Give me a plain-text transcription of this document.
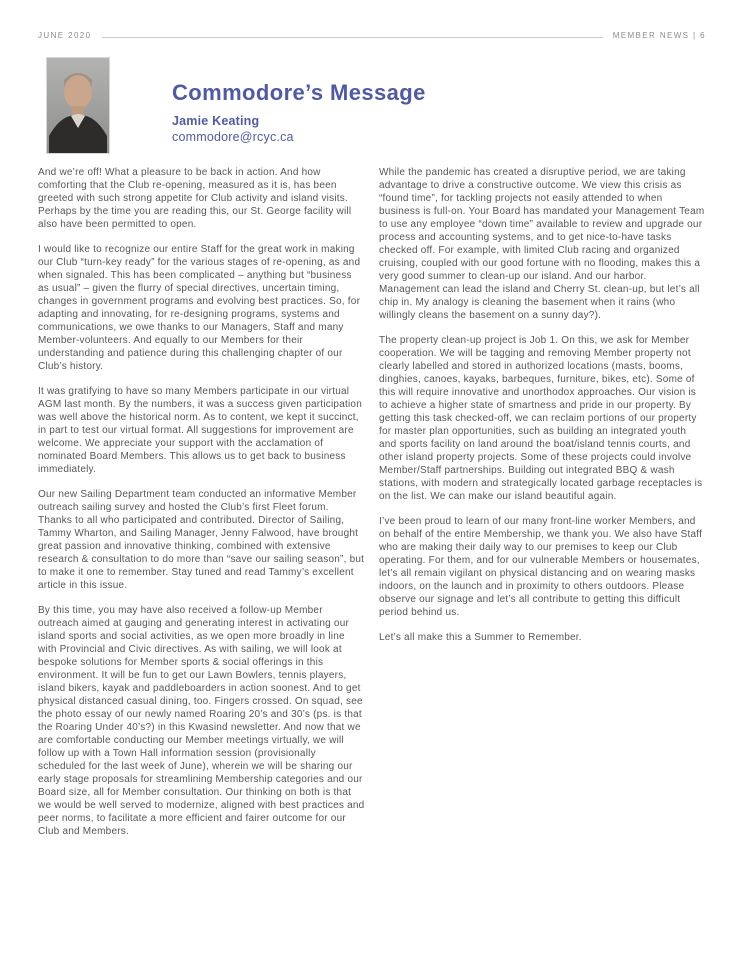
JUNE 2020	MEMBER NEWS | 6
Commodore’s Message
Jamie Keating
commodore@rcyc.ca

And we’re off! What a pleasure to be back in action. And how comforting that the Club re-opening, measured as it is, has been greeted with such strong appetite for Club activity and island visits. Perhaps by the time you are reading this, our St. George facility will also have been permitted to open.

I would like to recognize our entire Staff for the great work in making our Club “turn-key ready” for the various stages of re-opening, as and when signaled. This has been complicated – anything but “business as usual” – given the flurry of special directives, uncertain timing, changes in government programs and evolving best practices. So, for adapting and innovating, for re-designing programs, systems and communications, we owe thanks to our Managers, Staff and many Member-volunteers. And equally to our Members for their understanding and patience during this challenging chapter of our Club’s history.

It was gratifying to have so many Members participate in our virtual AGM last month. By the numbers, it was a success given participation was well above the historical norm. As to content, we kept it succinct, in part to test our virtual format. All suggestions for improvement are welcome. We appreciate your support with the acclamation of nominated Board Members. This allows us to get back to business immediately.

Our new Sailing Department team conducted an informative Member outreach sailing survey and hosted the Club’s first Fleet forum. Thanks to all who participated and contributed. Director of Sailing, Tammy Wharton, and Sailing Manager, Jenny Falwood, have brought great passion and innovative thinking, combined with extensive research & consultation to do more than “save our sailing season”, but to make it one to remember. Stay tuned and read Tammy’s excellent article in this issue.

By this time, you may have also received a follow-up Member outreach aimed at gauging and generating interest in activating our island sports and social activities, as we open more broadly in line with Provincial and Civic directives. As with sailing, we will look at bespoke solutions for Member sports & social offerings in this environment. It will be fun to get our Lawn Bowlers, tennis players, island bikers, kayak and paddleboarders in action soonest. And to get physical distanced casual dining, too. Fingers crossed. On squad, see the photo essay of our newly named Roaring 20’s and 30’s (ps. is that the Roaring Under 40’s?) in this Kwasind newsletter. And now that we are comfortable conducting our Member meetings virtually, we will follow up with a Town Hall information session (provisionally scheduled for the last week of June), wherein we will be sharing our early stage proposals for streamlining Membership categories and our Board size, all for Member consultation. Our thinking on both is that we would be well served to modernize, aligned with best practices and peer norms, to facilitate a more efficient and fairer outcome for our Club and Members.

While the pandemic has created a disruptive period, we are taking advantage to drive a constructive outcome. We view this crisis as “found time”, for tackling projects not easily attended to when business is full-on. Your Board has mandated your Management Team to use any employee “down time” available to review and upgrade our process and accounting systems, and to get nice-to-have tasks checked off. For example, with limited Club racing and organized cruising, coupled with our good fortune with no flooding, makes this a very good summer to clean-up our island. And our harbor. Management can lead the island and Cherry St. clean-up, but let’s all chip in. My analogy is cleaning the basement when it rains (who willingly cleans the basement on a sunny day?).

The property clean-up project is Job 1. On this, we ask for Member cooperation. We will be tagging and removing Member property not clearly labelled and stored in authorized locations (masts, booms, dinghies, canoes, kayaks, barbeques, furniture, bikes, etc). Some of this will require innovative and unorthodox approaches. Our vision is to achieve a higher state of smartness and pride in our property. By getting this task checked-off, we can reclaim portions of our property for master plan opportunities, such as building an integrated youth and sports facility on land around the boat/island tennis courts, and other island property projects. Some of these projects could involve Member/Staff partnerships. Building out integrated BBQ & wash stations, with modern and strategically located garbage receptacles is on the list. We can make our island beautiful again.

I’ve been proud to learn of our many front-line worker Members, and on behalf of the entire Membership, we thank you. We also have Staff who are making their daily way to our premises to keep our Club operating. For them, and for our vulnerable Members or housemates, let’s all remain vigilant on physical distancing and on wearing masks indoors, on the launch and in proximity to others outdoors. Please observe our signage and let’s all contribute to getting this difficult period behind us.

Let’s all make this a Summer to Remember.
